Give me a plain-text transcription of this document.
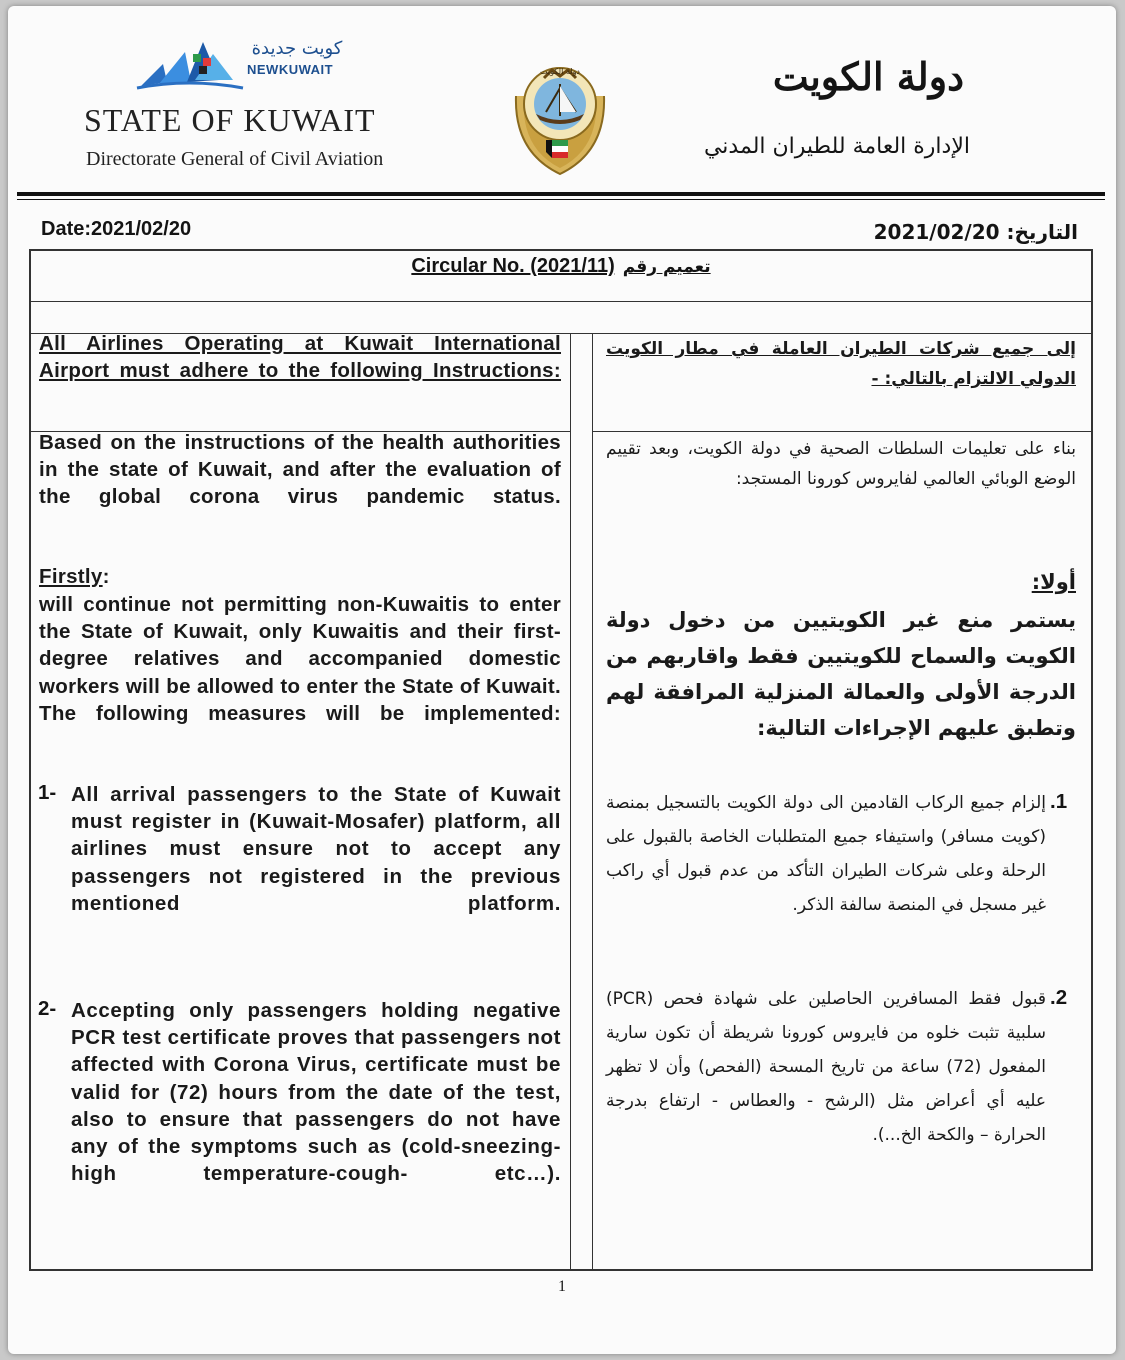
كويت جديدة
NEWKUWAIT
STATE OF KUWAIT
Directorate General of Civil Aviation
دولة الكويت	دولة الكويت
الإدارة العامة للطيران المدني
Date:2021/02/20	التاريخ: 2021/02/20
Circular No. (2021/11) تعميم رقم
All Airlines Operating at Kuwait International Airport must adhere to the following Instructions:
Based on the instructions of the health authorities in the state of Kuwait, and after the evaluation of the global corona virus pandemic status.
Firstly:
will continue not permitting non-Kuwaitis to enter the State of Kuwait, only Kuwaitis and their first-degree relatives and accompanied domestic workers will be allowed to enter the State of Kuwait. The following measures will be implemented:
1- All arrival passengers to the State of Kuwait must register in (Kuwait-Mosafer) platform, all airlines must ensure not to accept any passengers not registered in the previous mentioned platform.
2- Accepting only passengers holding negative PCR test certificate proves that passengers not affected with Corona Virus, certificate must be valid for (72) hours from the date of the test, also to ensure that passengers do not have any of the symptoms such as (cold-sneezing-high temperature-cough- etc…).
إلى جميع شركات الطيران العاملة في مطار الكويت الدولي الالتزام بالتالي: -
بناء على تعليمات السلطات الصحية في دولة الكويت، وبعد تقييم الوضع الوبائي العالمي لفايروس كورونا المستجد:
أولا:
يستمر منع غير الكويتيين من دخول دولة الكويت والسماح للكويتيين فقط واقاربهم من الدرجة الأولى والعمالة المنزلية المرافقة لهم وتطبق عليهم الإجراءات التالية:
.1
إلزام جميع الركاب القادمين الى دولة الكويت بالتسجيل بمنصة (كويت مسافر) واستيفاء جميع المتطلبات الخاصة بالقبول على الرحلة وعلى شركات الطيران التأكد من عدم قبول أي راكب غير مسجل في المنصة سالفة الذكر.
.2
قبول فقط المسافرين الحاصلين على شهادة فحص (PCR) سلبية تثبت خلوه من فايروس كورونا شريطة أن تكون سارية المفعول (72) ساعة من تاريخ المسحة (الفحص) وأن لا تظهر عليه أي أعراض مثل (الرشح - والعطاس - ارتفاع بدرجة الحرارة – والكحة الخ...).
1
